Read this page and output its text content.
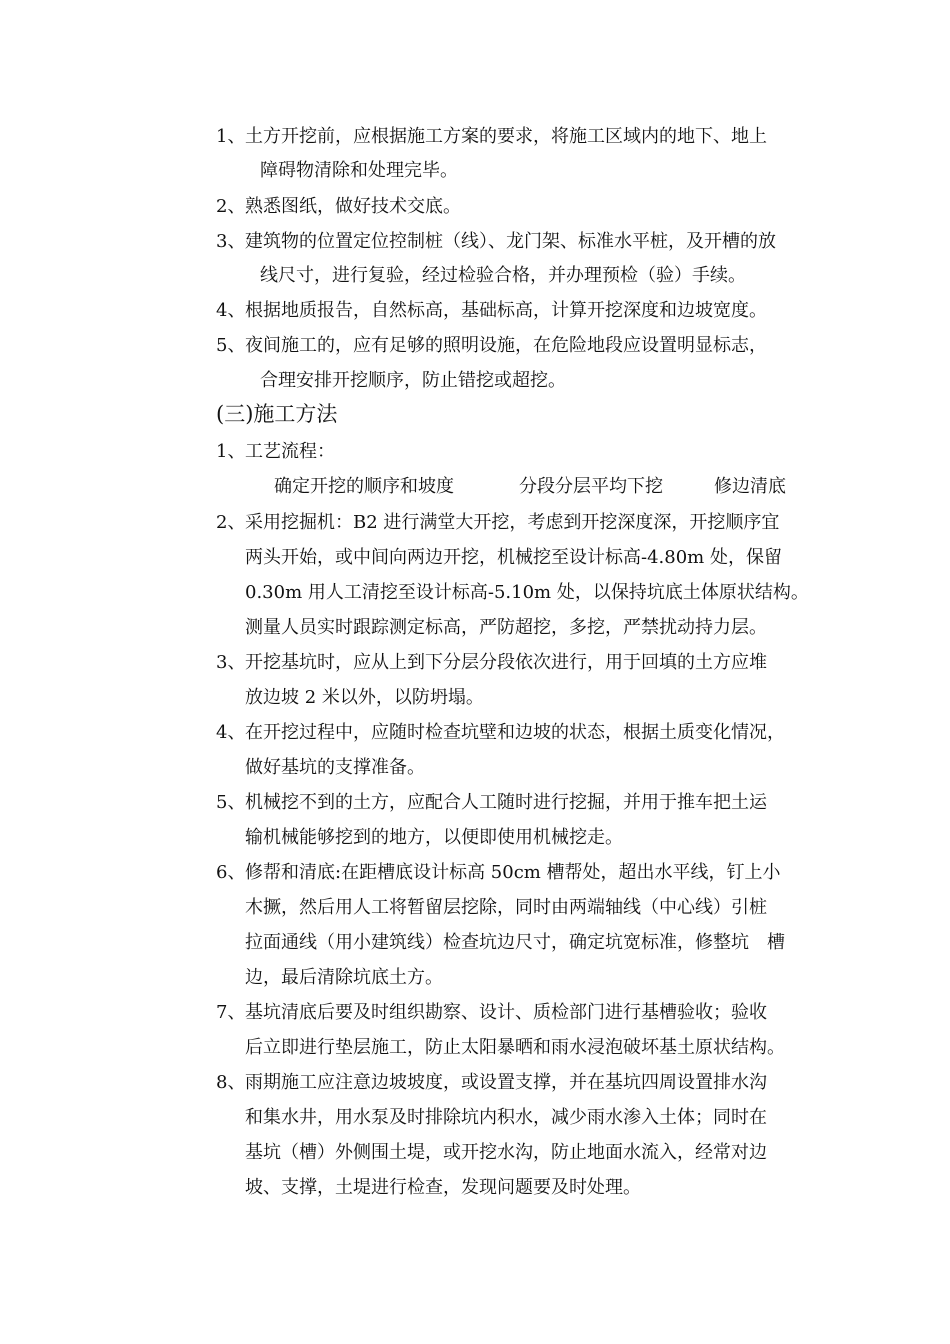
1、 土方开挖前，应根据施工方案的要求，将施工区域内的地下、地上
障碍物清除和处理完毕。
2、 熟悉图纸，做好技术交底。
3、 建筑物的位置定位控制桩（线）、龙门架、标准水平桩，及开槽的放
线尺寸，进行复验，经过检验合格，并办理预检（验）手续。
4、 根据地质报告，自然标高，基础标高，计算开挖深度和边坡宽度。
5、 夜间施工的，应有足够的照明设施，在危险地段应设置明显标志，
合理安排开挖顺序，防止错挖或超挖。
(三)施工方法
1、 工艺流程：
确定开挖的顺序和坡度	分段分层平均下挖	修边清底
2、 采用挖掘机：B2 进行满堂大开挖，考虑到开挖深度深，开挖顺序宜
两头开始，或中间向两边开挖，机械挖至设计标高-4.80m 处，保留
0.30m 用人工清挖至设计标高-5.10m 处，以保持坑底土体原状结构。
测量人员实时跟踪测定标高，严防超挖，多挖，严禁扰动持力层。
3、 开挖基坑时，应从上到下分层分段依次进行，用于回填的土方应堆
放边坡 2 米以外，以防坍塌。
4、 在开挖过程中，应随时检查坑壁和边坡的状态，根据土质变化情况，
做好基坑的支撑准备。
5、 机械挖不到的土方，应配合人工随时进行挖掘，并用于推车把土运
输机械能够挖到的地方，以便即使用机械挖走。
6、 修帮和清底:在距槽底设计标高 50cm 槽帮处，超出水平线，钉上小
木撅，然后用人工将暂留层挖除，同时由两端轴线（中心线）引桩
拉面通线（用小建筑线）检查坑边尺寸，确定坑宽标准，修整坑　槽
边，最后清除坑底土方。
7、 基坑清底后要及时组织勘察、设计、质检部门进行基槽验收；验收
后立即进行垫层施工，防止太阳暴晒和雨水浸泡破坏基土原状结构。
8、 雨期施工应注意边坡坡度，或设置支撑，并在基坑四周设置排水沟
和集水井，用水泵及时排除坑内积水，减少雨水渗入土体；同时在
基坑（槽）外侧围土堤，或开挖水沟，防止地面水流入，经常对边
坡、支撑，土堤进行检查，发现问题要及时处理。
